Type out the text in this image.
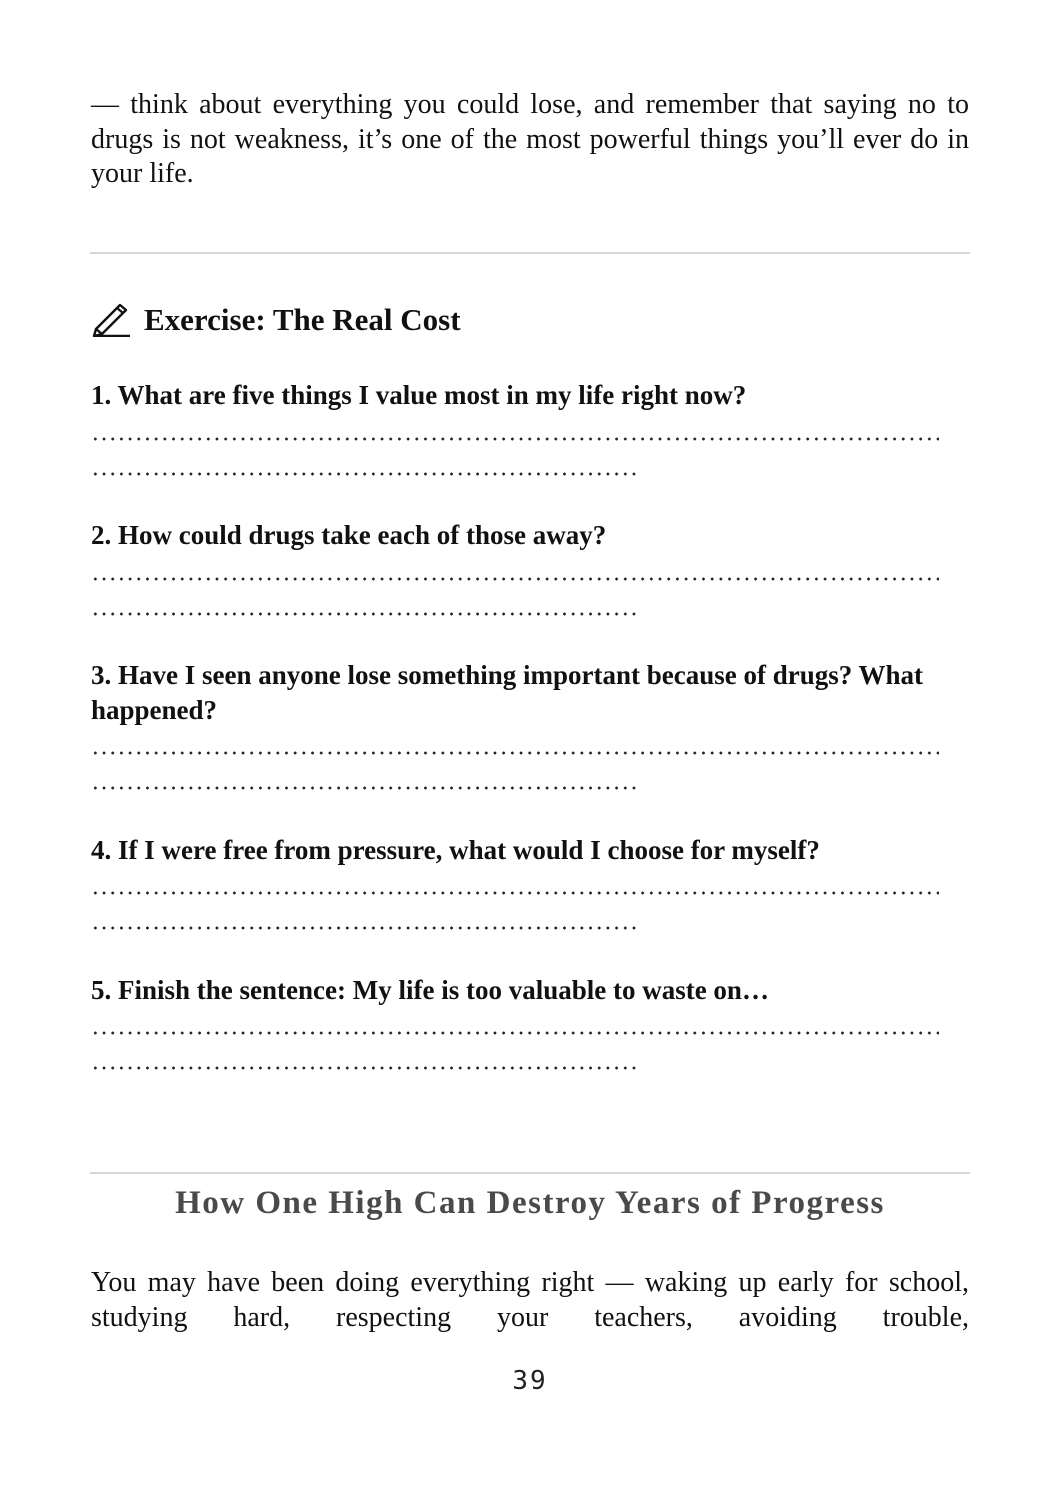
— think about everything you could lose, and remember that saying no to drugs is not weakness, it’s one of the most powerful things you’ll ever do in your life.

Exercise: The Real Cost

1. What are five things I value most in my life right now?

2. How could drugs take each of those away?

3. Have I seen anyone lose something important because of drugs? What happened?

4. If I were free from pressure, what would I choose for myself?

5. Finish the sentence: My life is too valuable to waste on…

How One High Can Destroy Years of Progress

You may have been doing everything right — waking up early for school, studying hard, respecting your teachers, avoiding trouble,

39
